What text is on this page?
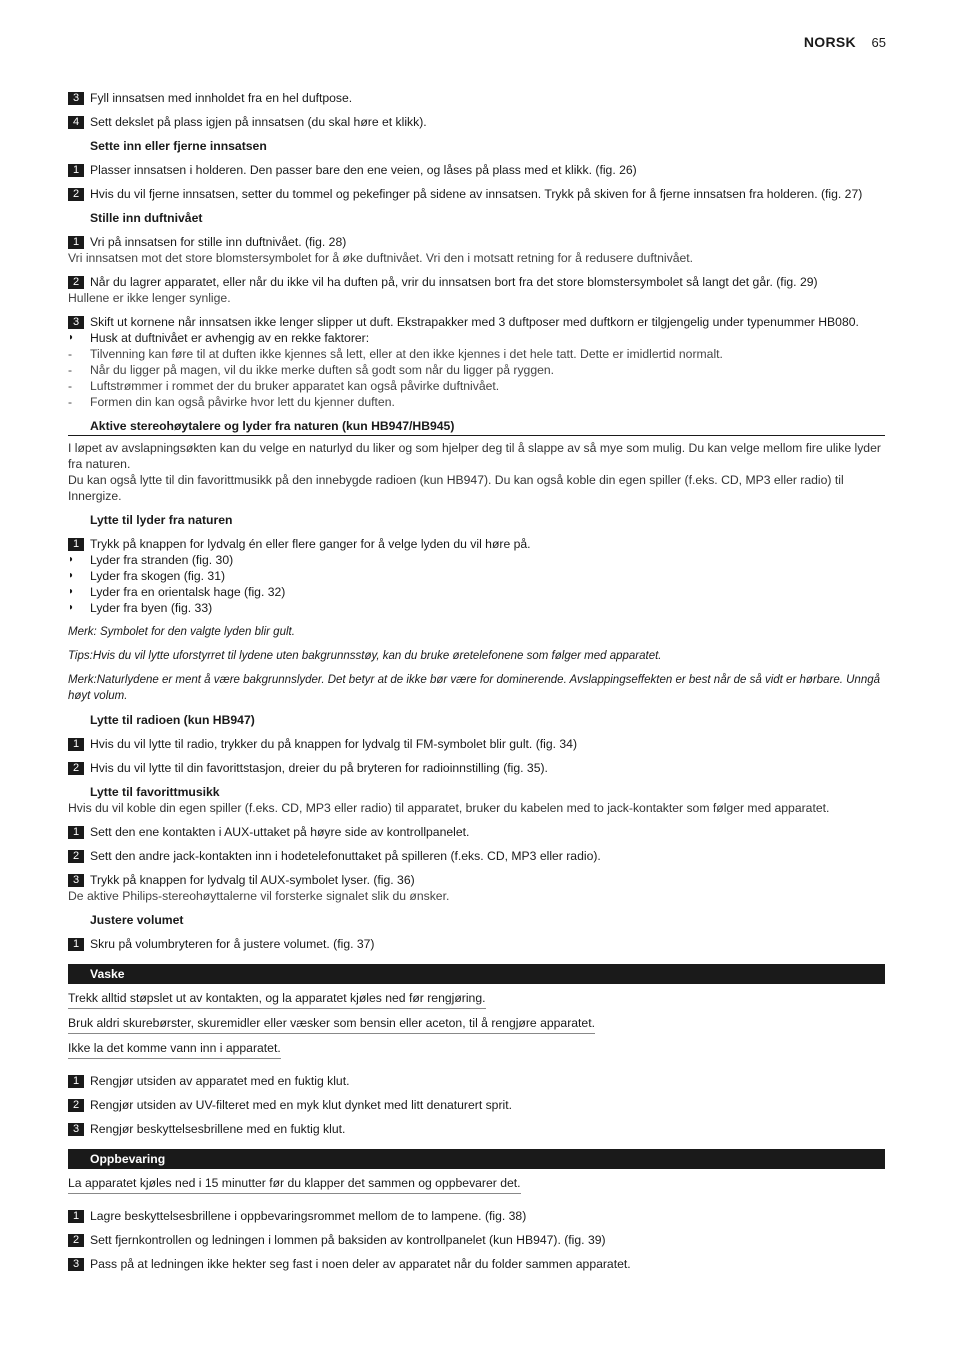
NORSK 65
3 Fyll innsatsen med innholdet fra en hel duftpose.
4 Sett dekslet på plass igjen på innsatsen (du skal høre et klikk).
Sette inn eller fjerne innsatsen
1 Plasser innsatsen i holderen. Den passer bare den ene veien, og låses på plass med et klikk. (fig. 26)
2 Hvis du vil fjerne innsatsen, setter du tommel og pekefinger på sidene av innsatsen. Trykk på skiven for å fjerne innsatsen fra holderen. (fig. 27)
Stille inn duftnivået
1 Vri på innsatsen for stille inn duftnivået. (fig. 28)
Vri innsatsen mot det store blomstersymbolet for å øke duftnivået. Vri den i motsatt retning for å redusere duftnivået.
2 Når du lagrer apparatet, eller når du ikke vil ha duften på, vrir du innsatsen bort fra det store blomstersymbolet så langt det går. (fig. 29)
Hullene er ikke lenger synlige.
3 Skift ut kornene når innsatsen ikke lenger slipper ut duft. Ekstrapakker med 3 duftposer med duftkorn er tilgjengelig under typenummer HB080.
◗ Husk at duftnivået er avhengig av en rekke faktorer:
- Tilvenning kan føre til at duften ikke kjennes så lett, eller at den ikke kjennes i det hele tatt. Dette er imidlertid normalt.
- Når du ligger på magen, vil du ikke merke duften så godt som når du ligger på ryggen.
- Luftstrømmer i rommet der du bruker apparatet kan også påvirke duftnivået.
- Formen din kan også påvirke hvor lett du kjenner duften.
Aktive stereohøytalere og lyder fra naturen (kun HB947/HB945)
I løpet av avslapningsøkten kan du velge en naturlyd du liker og som hjelper deg til å slappe av så mye som mulig. Du kan velge mellom fire ulike lyder fra naturen.
Du kan også lytte til din favorittmusikk på den innebygde radioen (kun HB947). Du kan også koble din egen spiller (f.eks. CD, MP3 eller radio) til Innergize.
Lytte til lyder fra naturen
1 Trykk på knappen for lydvalg én eller flere ganger for å velge lyden du vil høre på.
◗ Lyder fra stranden (fig. 30)
◗ Lyder fra skogen (fig. 31)
◗ Lyder fra en orientalsk hage (fig. 32)
◗ Lyder fra byen (fig. 33)
Merk: Symbolet for den valgte lyden blir gult.
Tips:Hvis du vil lytte uforstyrret til lydene uten bakgrunnsstøy, kan du bruke øretelefonene som følger med apparatet.
Merk:Naturlydene er ment å være bakgrunnslyder. Det betyr at de ikke bør være for dominerende. Avslappingseffekten er best når de så vidt er hørbare. Unngå høyt volum.
Lytte til radioen (kun HB947)
1 Hvis du vil lytte til radio, trykker du på knappen for lydvalg til FM-symbolet blir gult. (fig. 34)
2 Hvis du vil lytte til din favorittstasjon, dreier du på bryteren for radioinnstilling (fig. 35).
Lytte til favorittmusikk
Hvis du vil koble din egen spiller (f.eks. CD, MP3 eller radio) til apparatet, bruker du kabelen med to jack-kontakter som følger med apparatet.
1 Sett den ene kontakten i AUX-uttaket på høyre side av kontrollpanelet.
2 Sett den andre jack-kontakten inn i hodetelefonuttaket på spilleren (f.eks. CD, MP3 eller radio).
3 Trykk på knappen for lydvalg til AUX-symbolet lyser. (fig. 36)
De aktive Philips-stereohøyttalerne vil forsterke signalet slik du ønsker.
Justere volumet
1 Skru på volumbryteren for å justere volumet. (fig. 37)
Vaske
Trekk alltid støpslet ut av kontakten, og la apparatet kjøles ned før rengjøring.
Bruk aldri skurebørster, skuremidler eller væsker som bensin eller aceton, til å rengjøre apparatet.
Ikke la det komme vann inn i apparatet.
1 Rengjør utsiden av apparatet med en fuktig klut.
2 Rengjør utsiden av UV-filteret med en myk klut dynket med litt denaturert sprit.
3 Rengjør beskyttelsesbrillene med en fuktig klut.
Oppbevaring
La apparatet kjøles ned i 15 minutter før du klapper det sammen og oppbevarer det.
1 Lagre beskyttelsesbrillene i oppbevaringsrommet mellom de to lampene. (fig. 38)
2 Sett fjernkontrollen og ledningen i lommen på baksiden av kontrollpanelet (kun HB947). (fig. 39)
3 Pass på at ledningen ikke hekter seg fast i noen deler av apparatet når du folder sammen apparatet.
